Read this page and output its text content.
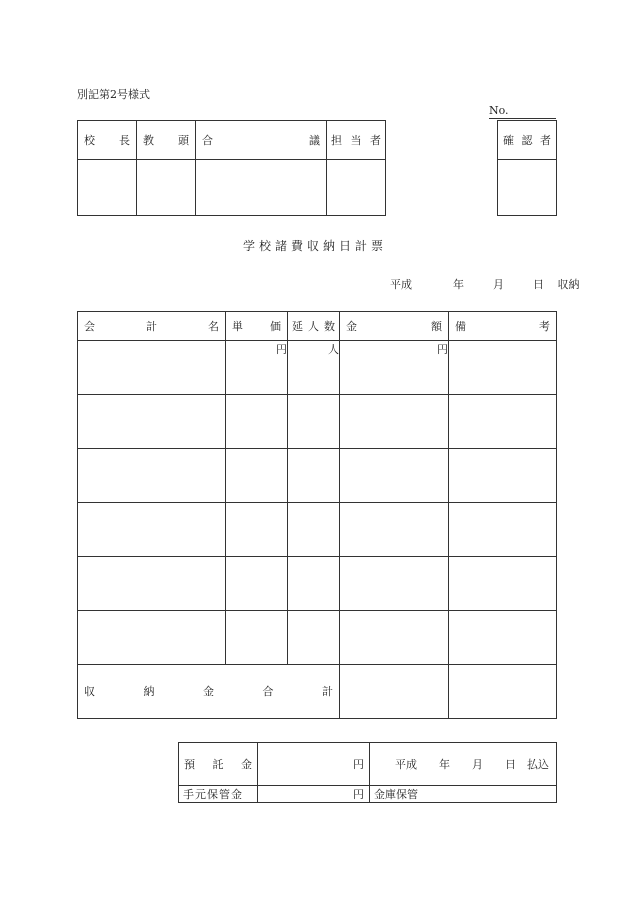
別記第2号様式
No.
校 長	教 頭	合 議	担 当 者

				確 認 者

学校諸費収納日計票
平成	年	月	日 収納
会 計 名	単 価	延 人 数	金 額	備 考

	円	人	円	

収 納 金 合 計				

預 託 金	円	平成　　年　　月　　日　払込

手元保管金	円	金庫保管
